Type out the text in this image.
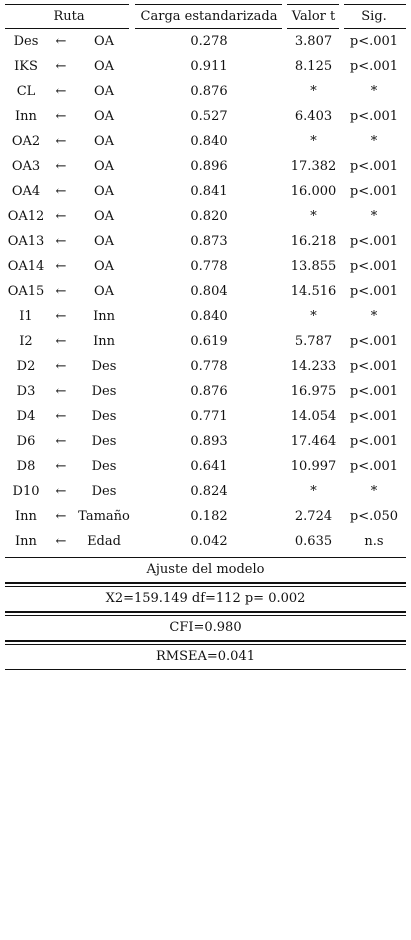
Ruta			Carga estandarizada	Valor t	Sig.
Des	←	OA	0.278	3.807	p<.001
IKS	←	OA	0.911	8.125	p<.001
CL	←	OA	0.876	*	*
Inn	←	OA	0.527	6.403	p<.001
OA2	←	OA	0.840	*	*
OA3	←	OA	0.896	17.382	p<.001
OA4	←	OA	0.841	16.000	p<.001
OA12	←	OA	0.820	*	*
OA13	←	OA	0.873	16.218	p<.001
OA14	←	OA	0.778	13.855	p<.001
OA15	←	OA	0.804	14.516	p<.001
I1	←	Inn	0.840	*	*
I2	←	Inn	0.619	5.787	p<.001
D2	←	Des	0.778	14.233	p<.001
D3	←	Des	0.876	16.975	p<.001
D4	←	Des	0.771	14.054	p<.001
D6	←	Des	0.893	17.464	p<.001
D8	←	Des	0.641	10.997	p<.001
D10	←	Des	0.824	*	*
Inn	←	Tamaño	0.182	2.724	p<.050
Inn	←	Edad	0.042	0.635	n.s
Ajuste del modelo
X2=159.149 df=112 p= 0.002
CFI=0.980
RMSEA=0.041
